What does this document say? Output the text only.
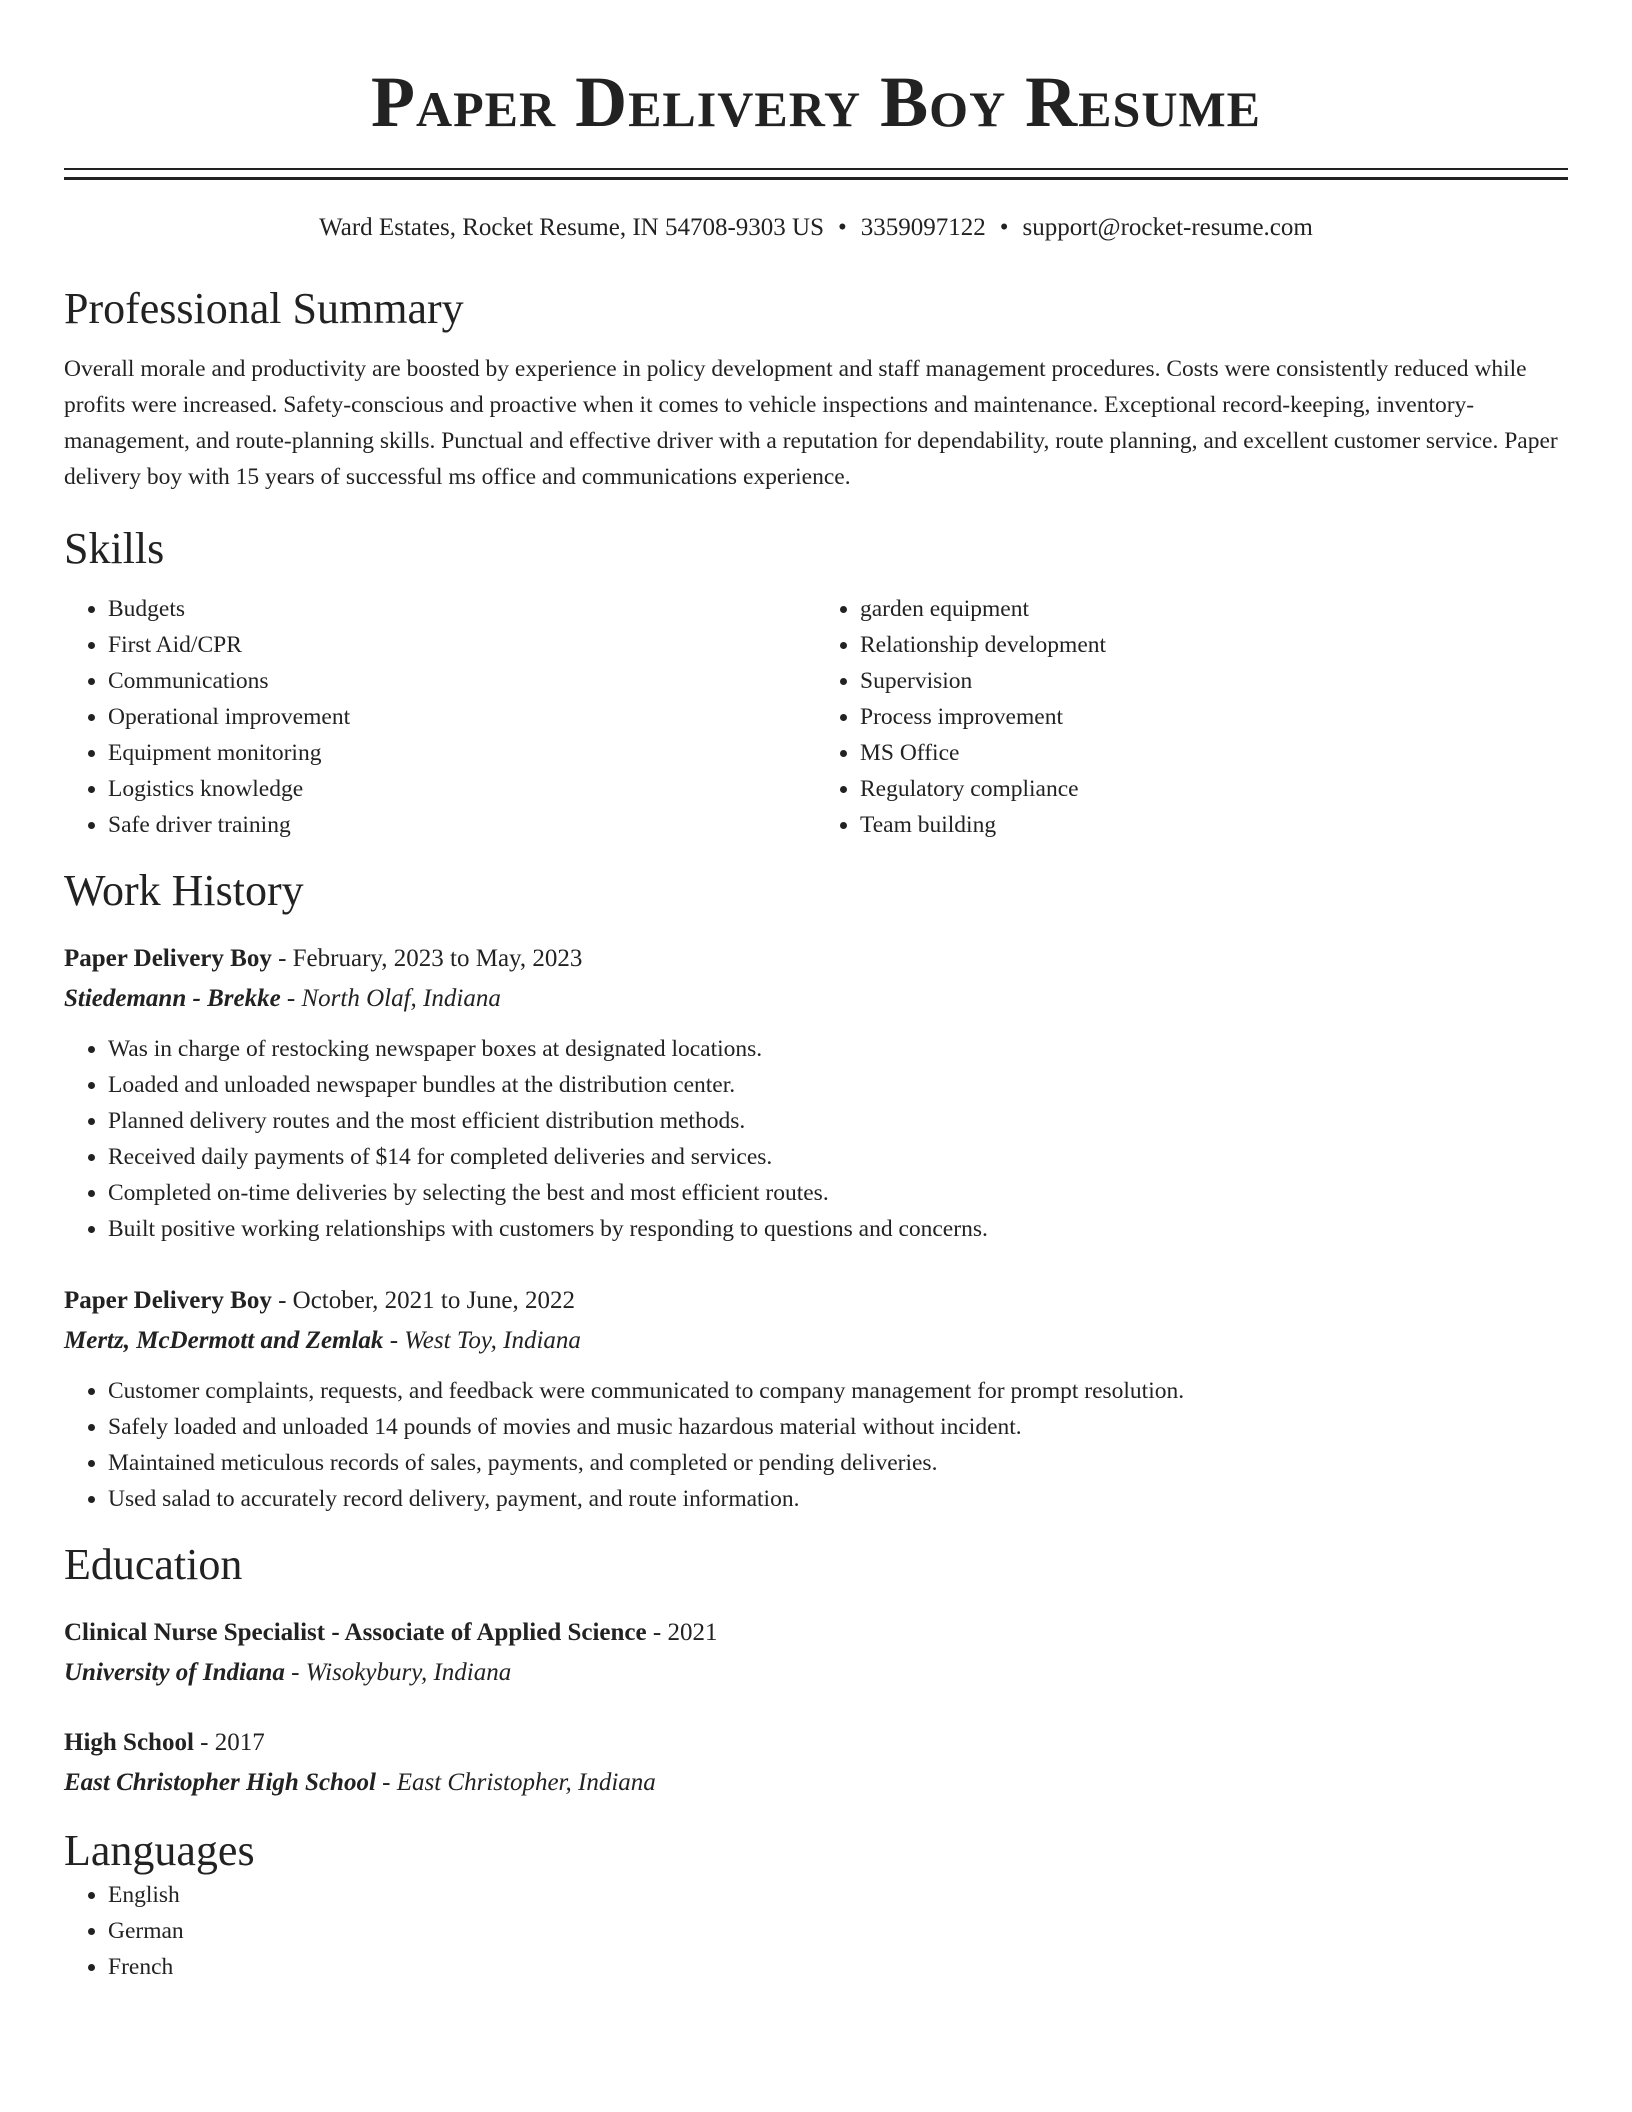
Paper Delivery Boy Resume
Ward Estates, Rocket Resume, IN 54708-9303 US • 3359097122 • support@rocket-resume.com
Professional Summary

Overall morale and productivity are boosted by experience in policy development and staff management procedures. Costs were consistently reduced while profits were increased. Safety-conscious and proactive when it comes to vehicle inspections and maintenance. Exceptional record-keeping, inventory-management, and route-planning skills. Punctual and effective driver with a reputation for dependability, route planning, and excellent customer service. Paper delivery boy with 15 years of successful ms office and communications experience.

Skills
• Budgets
• First Aid/CPR
• Communications
• Operational improvement
• Equipment monitoring
• Logistics knowledge
• Safe driver training
• garden equipment
• Relationship development
• Supervision
• Process improvement
• MS Office
• Regulatory compliance
• Team building
Work History
Paper Delivery Boy - February, 2023 to May, 2023
Stiedemann - Brekke - North Olaf, Indiana
• Was in charge of restocking newspaper boxes at designated locations.
• Loaded and unloaded newspaper bundles at the distribution center.
• Planned delivery routes and the most efficient distribution methods.
• Received daily payments of $14 for completed deliveries and services.
• Completed on-time deliveries by selecting the best and most efficient routes.
• Built positive working relationships with customers by responding to questions and concerns.
Paper Delivery Boy - October, 2021 to June, 2022
Mertz, McDermott and Zemlak - West Toy, Indiana
• Customer complaints, requests, and feedback were communicated to company management for prompt resolution.
• Safely loaded and unloaded 14 pounds of movies and music hazardous material without incident.
• Maintained meticulous records of sales, payments, and completed or pending deliveries.
• Used salad to accurately record delivery, payment, and route information.
Education
Clinical Nurse Specialist - Associate of Applied Science - 2021
University of Indiana - Wisokybury, Indiana
High School - 2017
East Christopher High School - East Christopher, Indiana
Languages
• English
• German
• French
